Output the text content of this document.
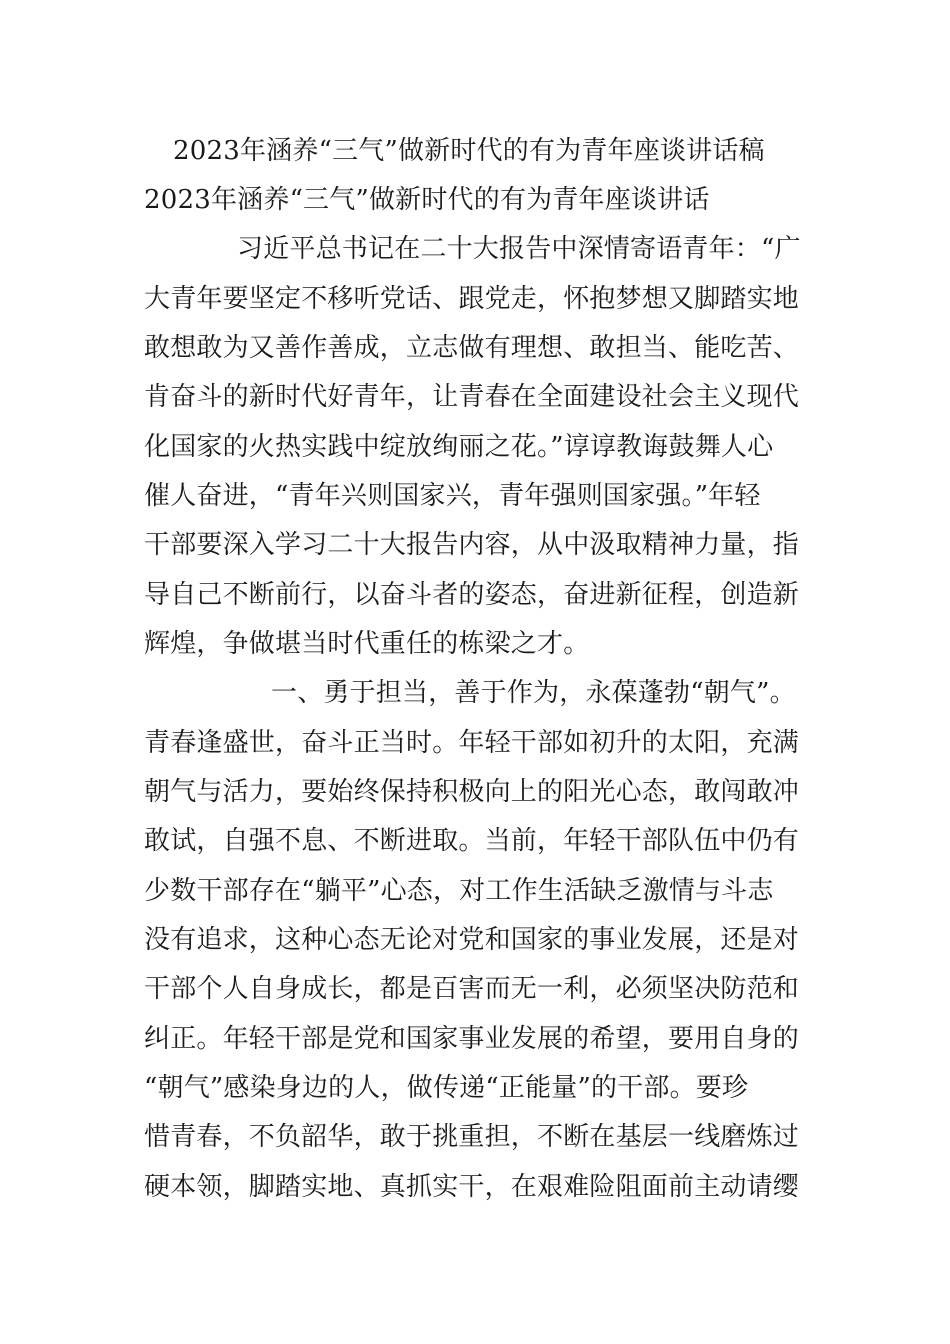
2023年涵养“三气”做新时代的有为青年座谈讲话稿
2023年涵养“三气”做新时代的有为青年座谈讲话
习近平总书记在二十大报告中深情寄语青年：“广
大青年要坚定不移听党话、跟党走，怀抱梦想又脚踏实地
敢想敢为又善作善成，立志做有理想、敢担当、能吃苦、
肯奋斗的新时代好青年，让青春在全面建设社会主义现代
化国家的火热实践中绽放绚丽之花。”谆谆教诲鼓舞人心
催人奋进，“青年兴则国家兴，青年强则国家强。”年轻
干部要深入学习二十大报告内容，从中汲取精神力量，指
导自己不断前行，以奋斗者的姿态，奋进新征程，创造新
辉煌，争做堪当时代重任的栋梁之才。
一、勇于担当，善于作为，永葆蓬勃“朝气”。
青春逢盛世，奋斗正当时。年轻干部如初升的太阳，充满
朝气与活力，要始终保持积极向上的阳光心态，敢闯敢冲
敢试，自强不息、不断进取。当前，年轻干部队伍中仍有
少数干部存在“躺平”心态，对工作生活缺乏激情与斗志
没有追求，这种心态无论对党和国家的事业发展，还是对
干部个人自身成长，都是百害而无一利，必须坚决防范和
纠正。年轻干部是党和国家事业发展的希望，要用自身的
“朝气”感染身边的人，做传递“正能量”的干部。要珍
惜青春，不负韶华，敢于挑重担，不断在基层一线磨炼过
硬本领，脚踏实地、真抓实干，在艰难险阻面前主动请缨
